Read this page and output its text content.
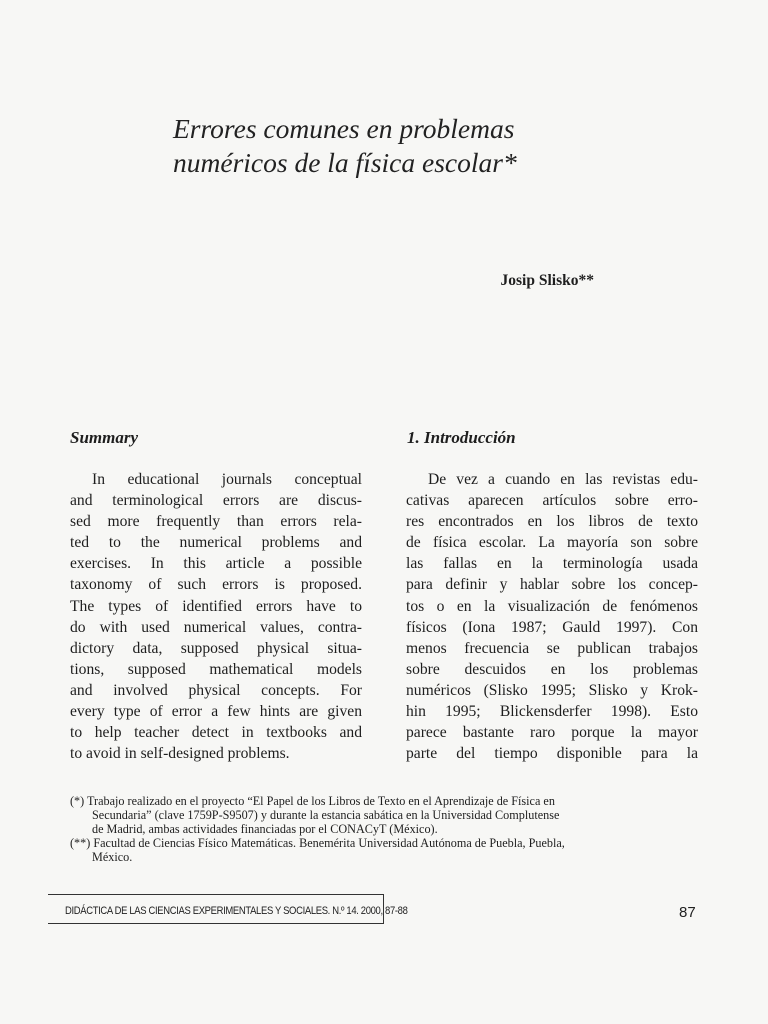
Errores comunes en problemas
numéricos de la física escolar*
Josip Slisko**
Summary	1. Introducción
In educational journals conceptual
and terminological errors are discus-
sed more frequently than errors rela-
ted to the numerical problems and
exercises. In this article a possible
taxonomy of such errors is proposed.
The types of identified errors have to
do with used numerical values, contra-
dictory data, supposed physical situa-
tions, supposed mathematical models
and involved physical concepts. For
every type of error a few hints are given
to help teacher detect in textbooks and
to avoid in self-designed problems.
De vez a cuando en las revistas edu-
cativas aparecen artículos sobre erro-
res encontrados en los libros de texto
de física escolar. La mayoría son sobre
las fallas en la terminología usada
para definir y hablar sobre los concep-
tos o en la visualización de fenómenos
físicos (Iona 1987; Gauld 1997). Con
menos frecuencia se publican trabajos
sobre descuidos en los problemas
numéricos (Slisko 1995; Slisko y Krok-
hin 1995; Blickensderfer 1998). Esto
parece bastante raro porque la mayor
parte del tiempo disponible para la
(*) Trabajo realizado en el proyecto “El Papel de los Libros de Texto en el Aprendizaje de Física en
Secundaria” (clave 1759P-S9507) y durante la estancia sabática en la Universidad Complutense
de Madrid, ambas actividades financiadas por el CONACyT (México).
(**) Facultad de Ciencias Físico Matemáticas. Benemérita Universidad Autónoma de Puebla, Puebla,
México.
DIDÁCTICA DE LAS CIENCIAS EXPERIMENTALES Y SOCIALES. N.º 14. 2000, 87-88	87
